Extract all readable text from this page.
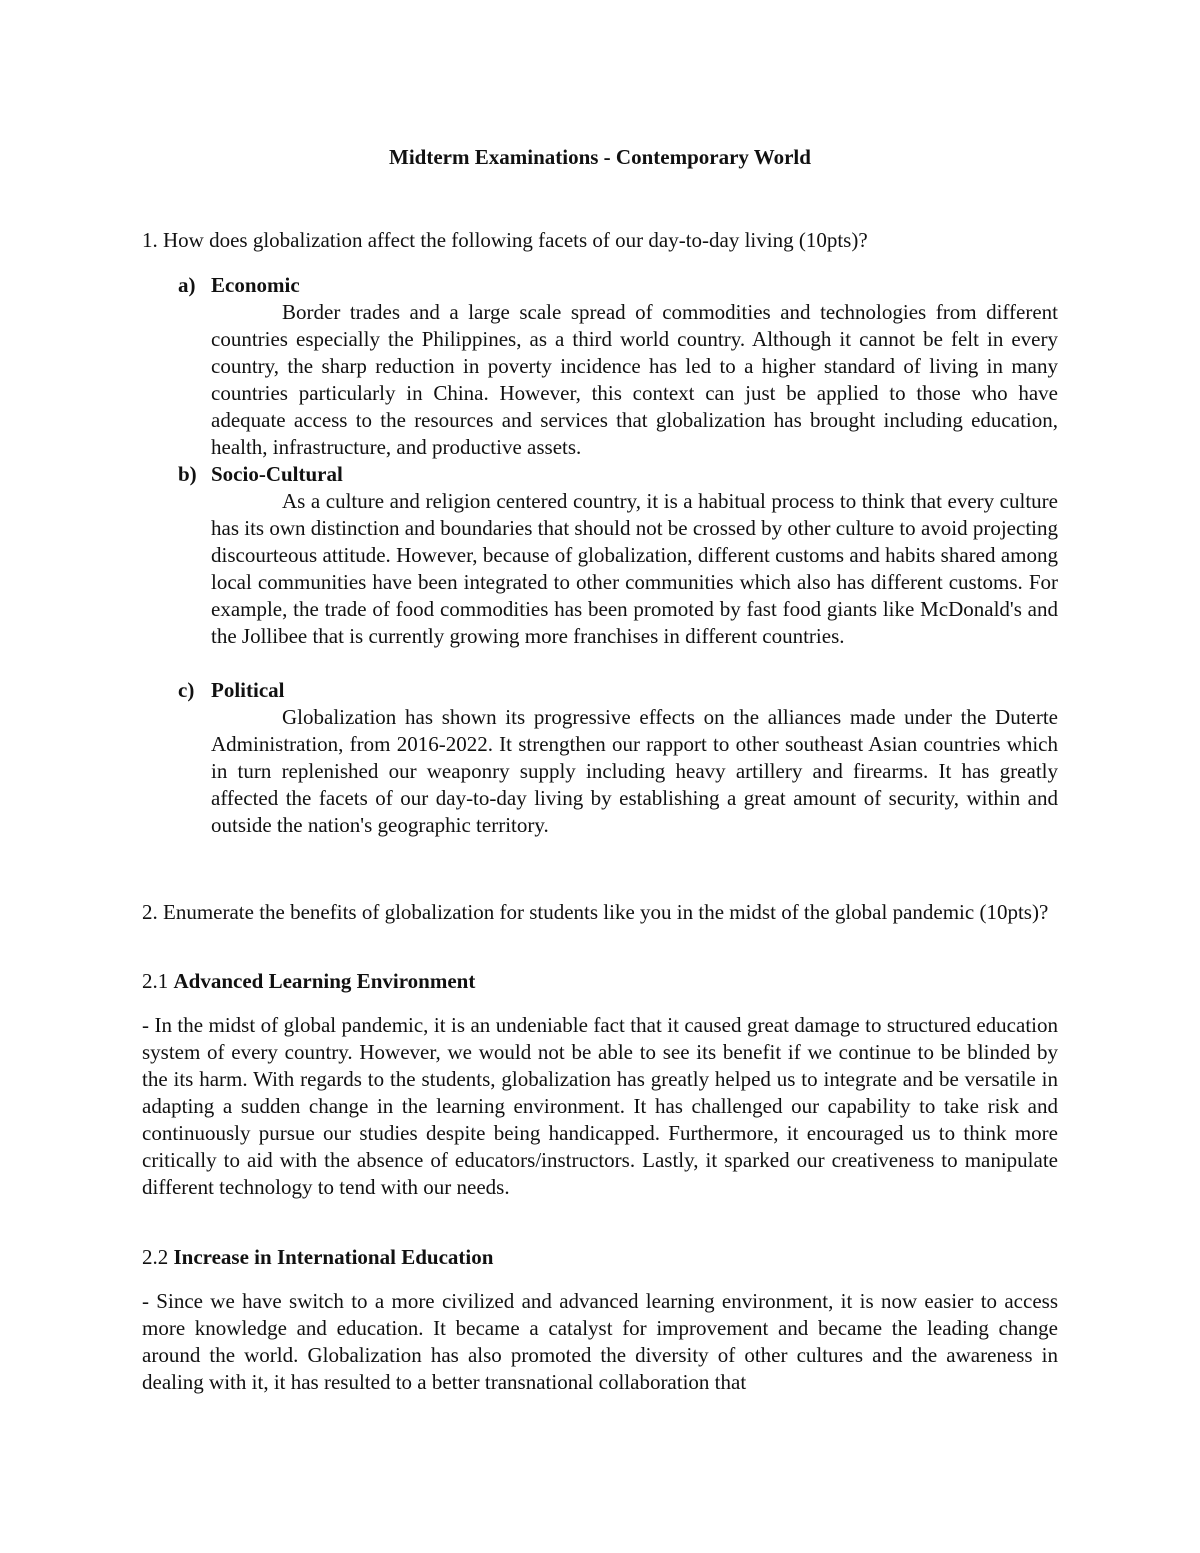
Midterm Examinations - Contemporary World
1. How does globalization affect the following facets of our day-to-day living (10pts)?
a) Economic
Border trades and a large scale spread of commodities and technologies from different countries especially the Philippines, as a third world country. Although it cannot be felt in every country, the sharp reduction in poverty incidence has led to a higher standard of living in many countries particularly in China. However, this context can just be applied to those who have adequate access to the resources and services that globalization has brought including education, health, infrastructure, and productive assets.
b) Socio-Cultural
As a culture and religion centered country, it is a habitual process to think that every culture has its own distinction and boundaries that should not be crossed by other culture to avoid projecting discourteous attitude. However, because of globalization, different customs and habits shared among local communities have been integrated to other communities which also has different customs. For example, the trade of food commodities has been promoted by fast food giants like McDonald's and the Jollibee that is currently growing more franchises in different countries.
c) Political
Globalization has shown its progressive effects on the alliances made under the Duterte Administration, from 2016-2022. It strengthen our rapport to other southeast Asian countries which in turn replenished our weaponry supply including heavy artillery and firearms. It has greatly affected the facets of our day-to-day living by establishing a great amount of security, within and outside the nation's geographic territory.
2. Enumerate the benefits of globalization for students like you in the midst of the global pandemic (10pts)?
2.1 Advanced Learning Environment
- In the midst of global pandemic, it is an undeniable fact that it caused great damage to structured education system of every country. However, we would not be able to see its benefit if we continue to be blinded by the its harm. With regards to the students, globalization has greatly helped us to integrate and be versatile in adapting a sudden change in the learning environment. It has challenged our capability to take risk and continuously pursue our studies despite being handicapped. Furthermore, it encouraged us to think more critically to aid with the absence of educators/instructors. Lastly, it sparked our creativeness to manipulate different technology to tend with our needs.
2.2 Increase in International Education
- Since we have switch to a more civilized and advanced learning environment, it is now easier to access more knowledge and education. It became a catalyst for improvement and became the leading change around the world. Globalization has also promoted the diversity of other cultures and the awareness in dealing with it, it has resulted to a better transnational collaboration that
